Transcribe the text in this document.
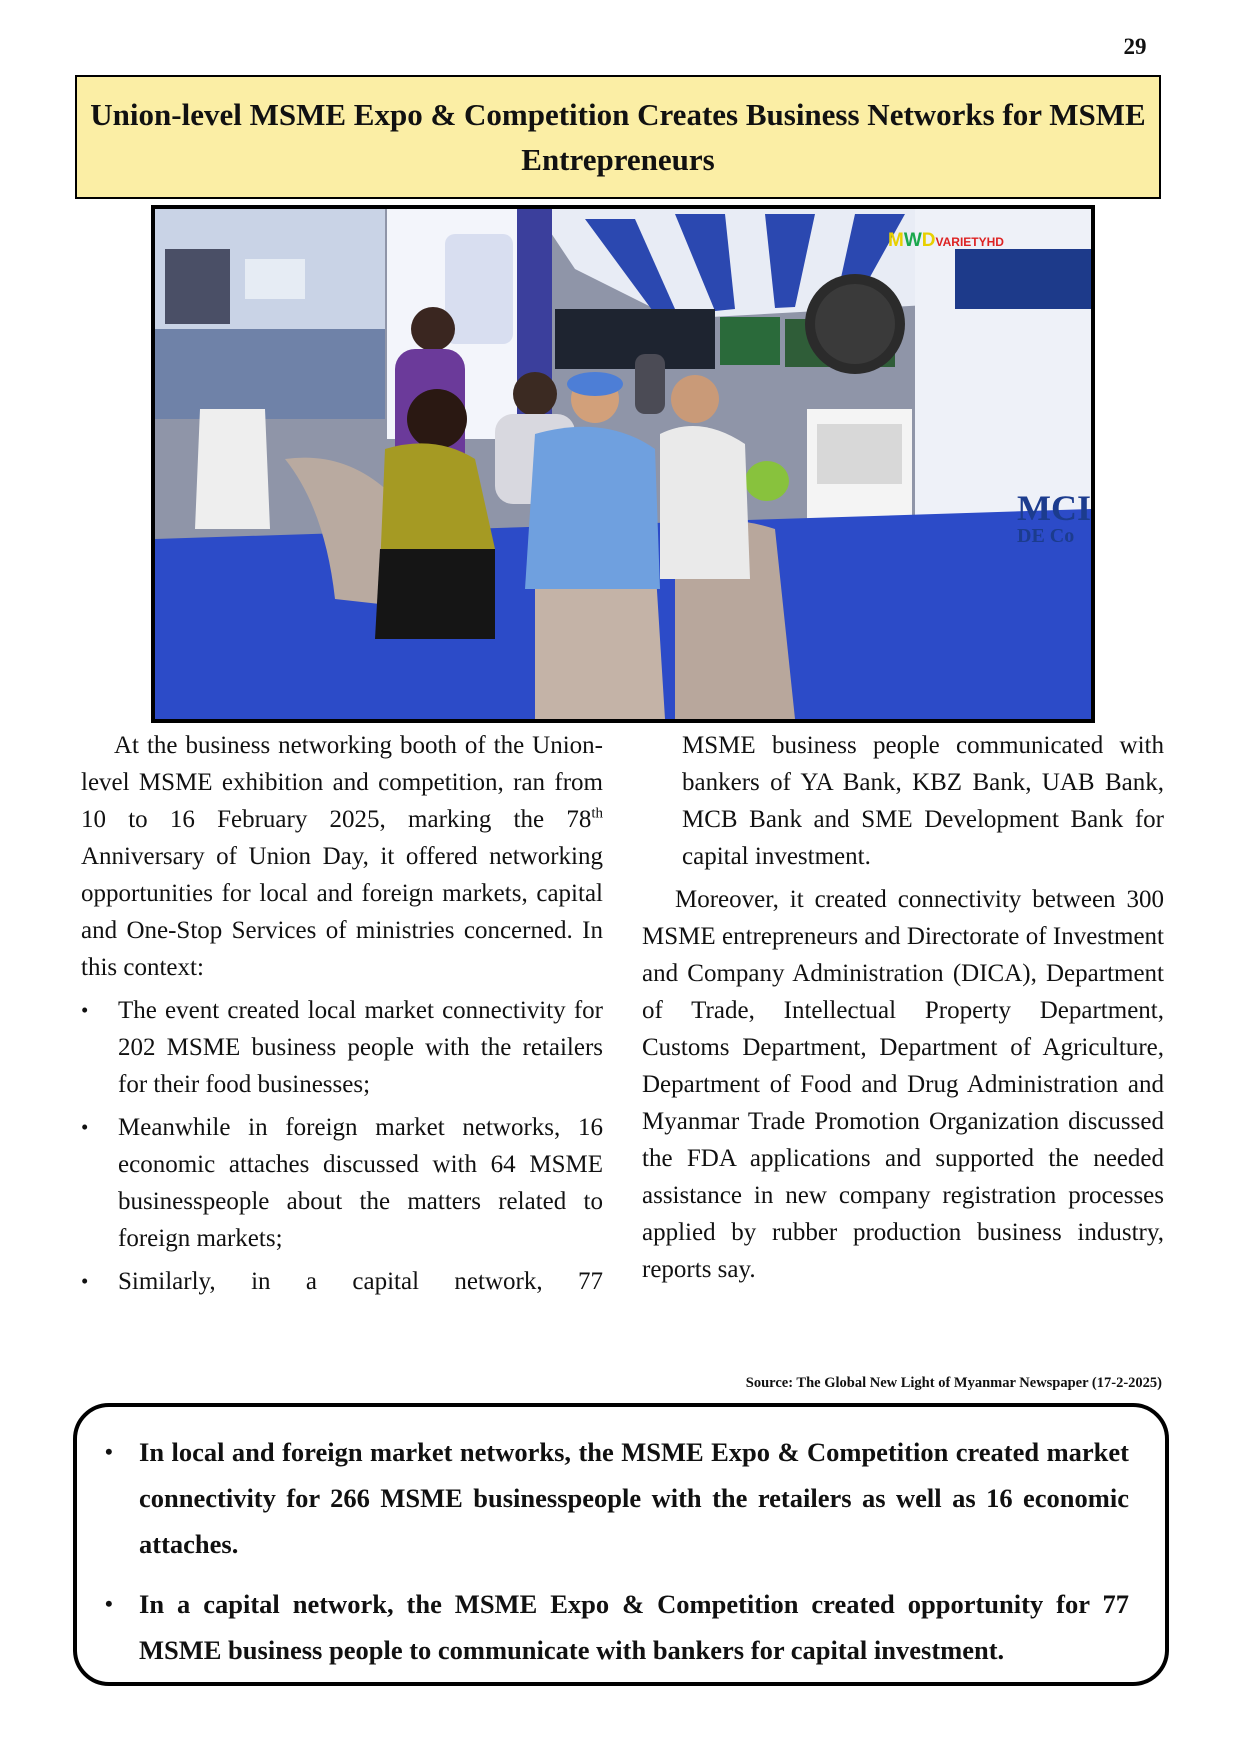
29
Union-level MSME Expo & Competition Creates Business Networks for MSME Entrepreneurs
MWDVARIETYHD
MCI
DE Co

At the business networking booth of the Union-level MSME exhibition and competition, ran from 10 to 16 February 2025, marking the 78th Anniversary of Union Day, it offered networking opportunities for local and foreign markets, capital and One-Stop Services of ministries concerned. In this context:

• The event created local market connectivity for 202 MSME business people with the retailers for their food businesses;
• Meanwhile in foreign market networks, 16 economic attaches discussed with 64 MSME businesspeople about the matters related to foreign markets;
• Similarly, in a capital network, 77

MSME business people communicated with bankers of YA Bank, KBZ Bank, UAB Bank, MCB Bank and SME Development Bank for capital investment.

Moreover, it created connectivity between 300 MSME entrepreneurs and Directorate of Investment and Company Administration (DICA), Department of Trade, Intellectual Property Department, Customs Department, Department of Agriculture, Department of Food and Drug Administration and Myanmar Trade Promotion Organization discussed the FDA applications and supported the needed assistance in new company registration processes applied by rubber production business industry, reports say.

Source: The Global New Light of Myanmar Newspaper (17-2-2025)
• In local and foreign market networks, the MSME Expo & Competition created market connectivity for 266 MSME businesspeople with the retailers as well as 16 economic attaches.
• In a capital network, the MSME Expo & Competition created opportunity for 77 MSME business people to communicate with bankers for capital investment.
